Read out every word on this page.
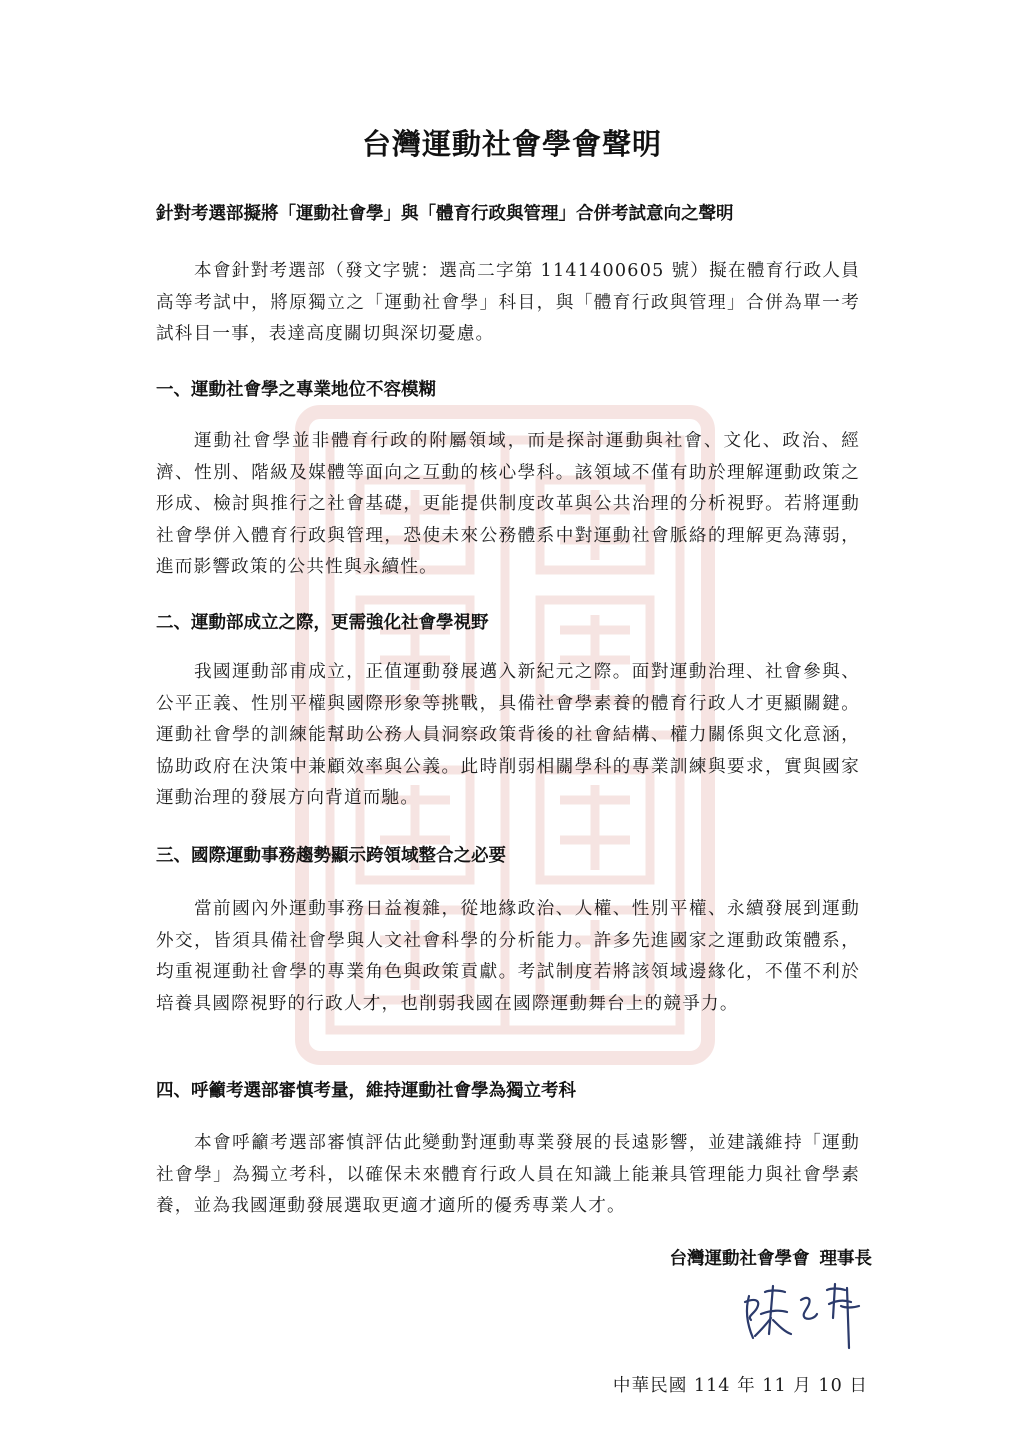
台灣運動社會學會聲明
針對考選部擬將「運動社會學」與「體育行政與管理」合併考試意向之聲明
本會針對考選部（發文字號：選高二字第 1141400605 號）擬在體育行政人員高等考試中，將原獨立之「運動社會學」科目，與「體育行政與管理」合併為單一考試科目一事，表達高度關切與深切憂慮。
一、運動社會學之專業地位不容模糊
運動社會學並非體育行政的附屬領域，而是探討運動與社會、文化、政治、經濟、性別、階級及媒體等面向之互動的核心學科。該領域不僅有助於理解運動政策之形成、檢討與推行之社會基礎，更能提供制度改革與公共治理的分析視野。若將運動社會學併入體育行政與管理，恐使未來公務體系中對運動社會脈絡的理解更為薄弱，進而影響政策的公共性與永續性。
二、運動部成立之際，更需強化社會學視野
我國運動部甫成立，正值運動發展邁入新紀元之際。面對運動治理、社會參與、公平正義、性別平權與國際形象等挑戰，具備社會學素養的體育行政人才更顯關鍵。運動社會學的訓練能幫助公務人員洞察政策背後的社會結構、權力關係與文化意涵，協助政府在決策中兼顧效率與公義。此時削弱相關學科的專業訓練與要求，實與國家運動治理的發展方向背道而馳。
三、國際運動事務趨勢顯示跨領域整合之必要
當前國內外運動事務日益複雜，從地緣政治、人權、性別平權、永續發展到運動外交，皆須具備社會學與人文社會科學的分析能力。許多先進國家之運動政策體系，均重視運動社會學的專業角色與政策貢獻。考試制度若將該領域邊緣化，不僅不利於培養具國際視野的行政人才，也削弱我國在國際運動舞台上的競爭力。
四、呼籲考選部審慎考量，維持運動社會學為獨立考科
本會呼籲考選部審慎評估此變動對運動專業發展的長遠影響，並建議維持「運動社會學」為獨立考科，以確保未來體育行政人員在知識上能兼具管理能力與社會學素養，並為我國運動發展選取更適才適所的優秀專業人才。
台灣運動社會學會 理事長
中華民國 114 年 11 月 10 日
